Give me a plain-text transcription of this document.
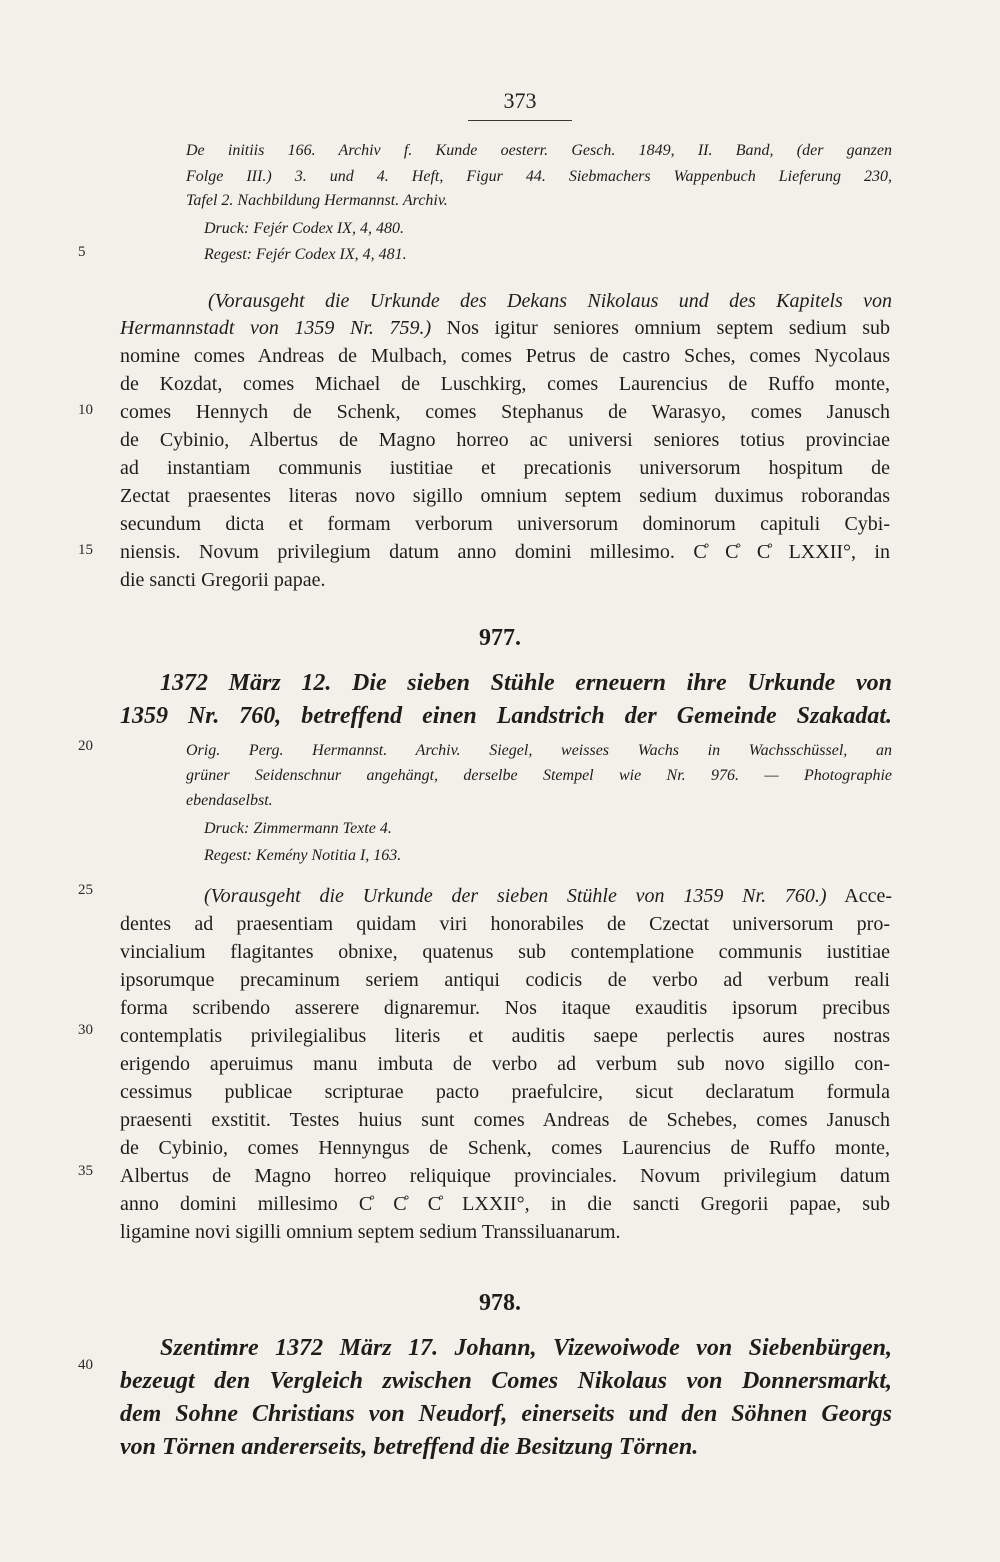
373
5
10
15
20
25
30
35
40
De initiis 166. Archiv f. Kunde oesterr. Gesch. 1849, II. Band, (der ganzen
Folge III.) 3. und 4. Heft, Figur 44. Siebmachers Wappenbuch Lieferung 230,
Tafel 2. Nachbildung Hermannst. Archiv.
Druck: Fejér Codex IX, 4, 480.
Regest: Fejér Codex IX, 4, 481.
(Vorausgeht die Urkunde des Dekans Nikolaus und des Kapitels von
Hermannstadt von 1359 Nr. 759.) Nos igitur seniores omnium septem sedium sub
nomine comes Andreas de Mulbach, comes Petrus de castro Sches, comes Nycolaus
de Kozdat, comes Michael de Luschkirg, comes Laurencius de Ruffo monte,
comes Hennych de Schenk, comes Stephanus de Warasyo, comes Janusch
de Cybinio, Albertus de Magno horreo ac universi seniores totius provinciae
ad instantiam communis iustitiae et precationis universorum hospitum de
Zectat praesentes literas novo sigillo omnium septem sedium duximus roborandas
secundum dicta et formam verborum universorum dominorum capituli Cybi-
niensis. Novum privilegium datum anno domini millesimo. C̊ C̊ C̊ LXXII°, in
die sancti Gregorii papae.
977.
1372 März 12. Die sieben Stühle erneuern ihre Urkunde von
1359 Nr. 760, betreffend einen Landstrich der Gemeinde Szakadat.
Orig. Perg. Hermannst. Archiv. Siegel, weisses Wachs in Wachsschüssel, an
grüner Seidenschnur angehängt, derselbe Stempel wie Nr. 976. — Photographie
ebendaselbst.
Druck: Zimmermann Texte 4.
Regest: Kemény Notitia I, 163.
(Vorausgeht die Urkunde der sieben Stühle von 1359 Nr. 760.) Acce-
dentes ad praesentiam quidam viri honorabiles de Czectat universorum pro-
vincialium flagitantes obnixe, quatenus sub contemplatione communis iustitiae
ipsorumque precaminum seriem antiqui codicis de verbo ad verbum reali
forma scribendo asserere dignaremur. Nos itaque exauditis ipsorum precibus
contemplatis privilegialibus literis et auditis saepe perlectis aures nostras
erigendo aperuimus manu imbuta de verbo ad verbum sub novo sigillo con-
cessimus publicae scripturae pacto praefulcire, sicut declaratum formula
praesenti exstitit. Testes huius sunt comes Andreas de Schebes, comes Janusch
de Cybinio, comes Hennyngus de Schenk, comes Laurencius de Ruffo monte,
Albertus de Magno horreo reliquique provinciales. Novum privilegium datum
anno domini millesimo C̊ C̊ C̊ LXXII°, in die sancti Gregorii papae, sub
ligamine novi sigilli omnium septem sedium Transsiluanarum.
978.
Szentimre 1372 März 17. Johann, Vizewoiwode von Siebenbürgen,
bezeugt den Vergleich zwischen Comes Nikolaus von Donnersmarkt,
dem Sohne Christians von Neudorf, einerseits und den Söhnen Georgs
von Törnen andererseits, betreffend die Besitzung Törnen.
